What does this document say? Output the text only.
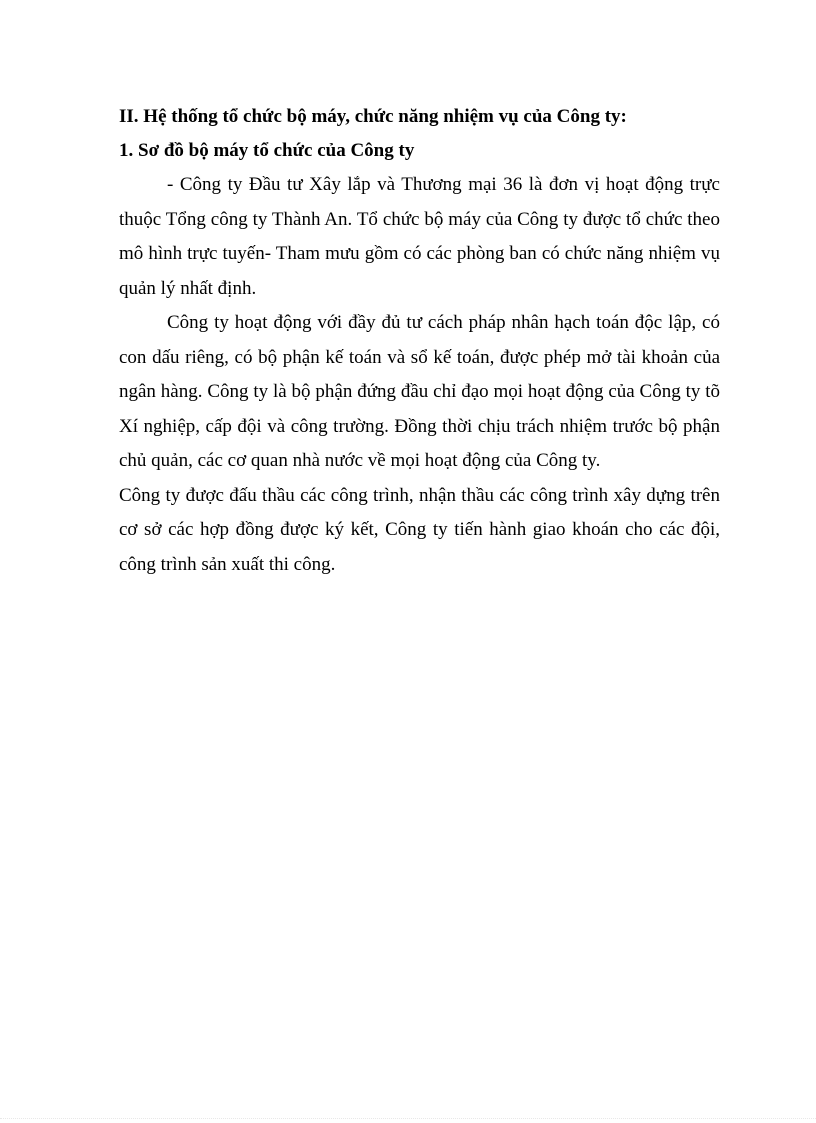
II. Hệ thống tổ chức bộ máy, chức năng nhiệm vụ của Công ty:

1. Sơ đồ bộ máy tổ chức của Công ty

- Công ty Đầu tư Xây lắp và Thương mại 36 là đơn vị hoạt động trực thuộc Tổng công ty Thành An. Tổ chức bộ máy của Công ty được tổ chức theo mô hình trực tuyến- Tham mưu gồm có các phòng ban có chức năng nhiệm vụ quản lý nhất định.

Công ty hoạt động với đầy đủ tư cách pháp nhân hạch toán độc lập, có con dấu riêng, có bộ phận kế toán và sổ kế toán, được phép mở tài khoản của ngân hàng. Công ty là bộ phận đứng đầu chỉ đạo mọi hoạt động của Công ty tõ Xí nghiệp, cấp đội và công trường. Đồng thời chịu trách nhiệm trước bộ phận chủ quản, các cơ quan nhà nước về mọi hoạt động của Công ty.

Công ty được đấu thầu các công trình, nhận thầu các công trình xây dựng trên cơ sở các hợp đồng được ký kết, Công ty tiến hành giao khoán cho các đội, công trình sản xuất thi công.
